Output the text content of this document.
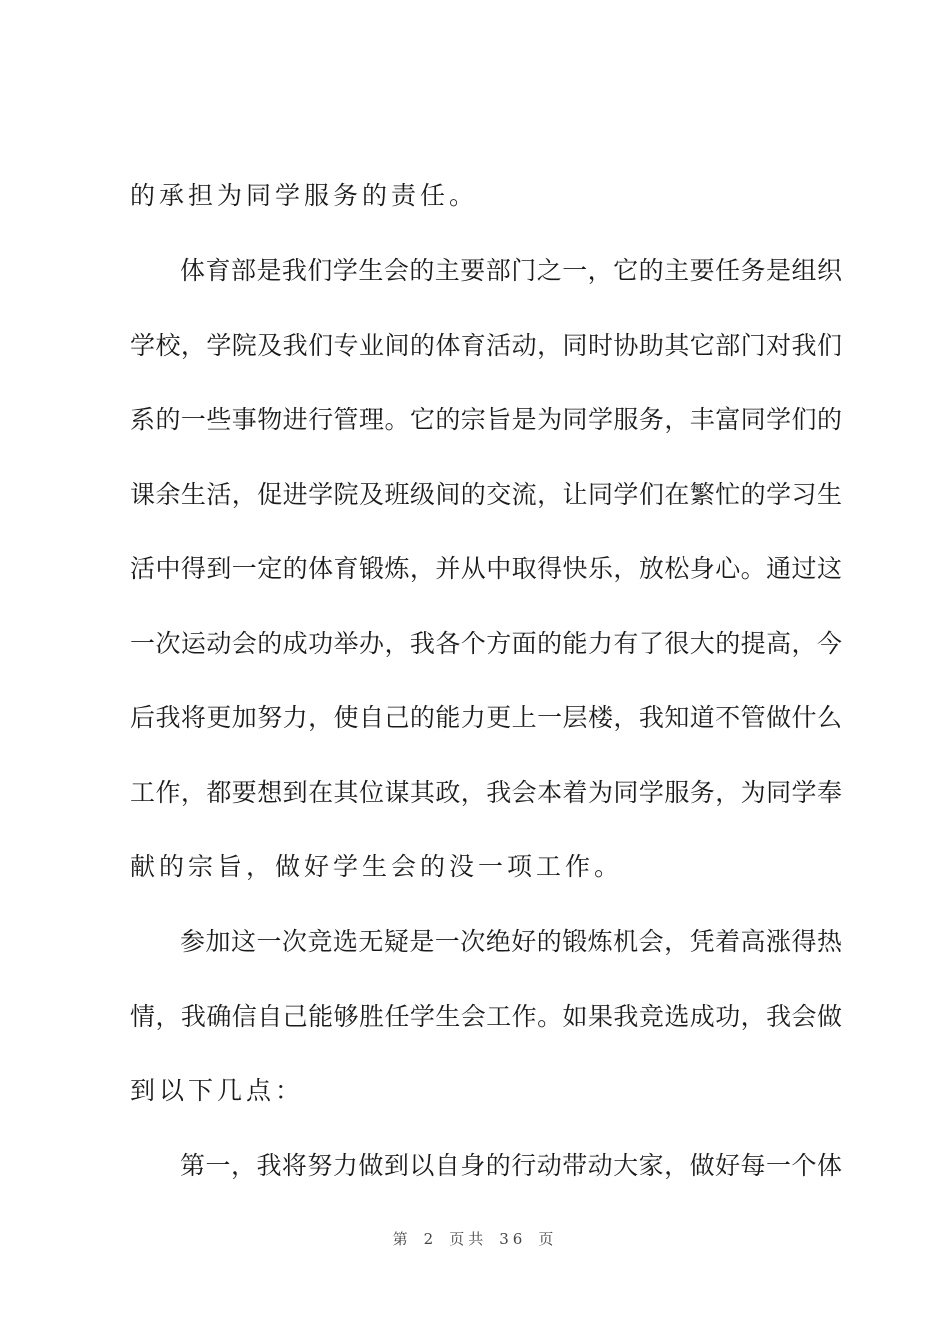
的承担为同学服务的责任。
体育部是我们学生会的主要部门之一，它的主要任务是组织
学校，学院及我们专业间的体育活动，同时协助其它部门对我们
系的一些事物进行管理。它的宗旨是为同学服务，丰富同学们的
课余生活，促进学院及班级间的交流，让同学们在繁忙的学习生
活中得到一定的体育锻炼，并从中取得快乐，放松身心。通过这
一次运动会的成功举办，我各个方面的能力有了很大的提高，今
后我将更加努力，使自己的能力更上一层楼，我知道不管做什么
工作，都要想到在其位谋其政，我会本着为同学服务，为同学奉
献的宗旨，做好学生会的没一项工作。
参加这一次竞选无疑是一次绝好的锻炼机会，凭着高涨得热
情，我确信自己能够胜任学生会工作。如果我竞选成功，我会做
到以下几点：
第一，我将努力做到以自身的行动带动大家，做好每一个体
第 2 页共 36 页
